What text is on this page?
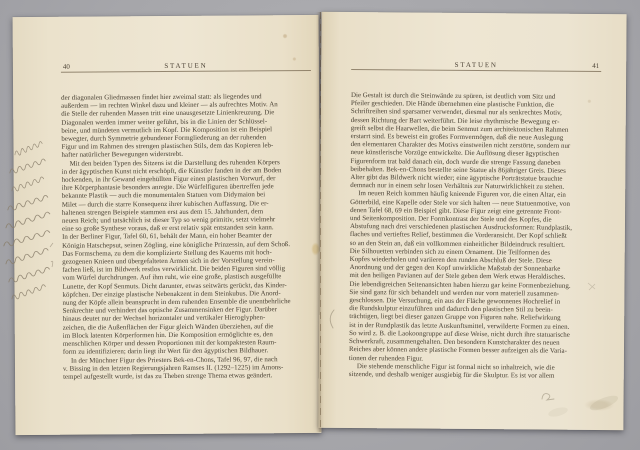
40	STATUEN

der diagonalen Gliedmassen findet hier zweimal statt: als liegendes und
außerdem — im rechten Winkel dazu und kleiner — als aufrechtes Motiv. An
die Stelle der ruhenden Massen tritt eine unausgesetzte Linienkreuzung. Die
Diagonalen werden immer weiter geführt, bis in die Linien der Schlüssel-
beine, und mündeten vermutlich im Kopf. Die Komposition ist ein Beispiel
bewegter, durch Symmetrie gebundener Formgliederung an der ruhenden
Figur und im Rahmen des strengen plastischen Stils, dem das Kopieren leb-
hafter natürlicher Bewegungen widerstrebt.

Mit den beiden Typen des Sitzens ist die Darstellung des ruhenden Körpers
in der ägyptischen Kunst nicht erschöpft, die Künstler fanden in der am Boden
hockenden, in ihr Gewand eingehüllten Figur einen plastischen Vorwurf, der
ihre Körperphantasie besonders anregte. Die Würfelfiguren übertreffen jede
bekannte Plastik — auch die monumentalen Statuen vom Didymaion bei
Milet — durch die starre Konsequenz ihrer kubischen Auffassung. Die er-
haltenen strengen Beispiele stammen erst aus dem 15. Jahrhundert, dem
neuen Reich; und tatsächlich ist dieser Typ so wenig primitiv, setzt vielmehr
eine so große Synthese voraus, daß er erst relativ spät entstanden sein kann.
In der Berliner Figur, Tafel 60, 61, behält der Mann, ein hoher Beamter der
Königin Hatschepsut, seinen Zögling, eine königliche Prinzessin, auf dem Schoß.
Das Formschema, zu dem die komplizierte Stellung des Kauerns mit hoch-
gezogenen Knieen und übergefalteten Armen sich in der Vorstellung verein-
fachen ließ, ist im Bildwerk restlos verwirklicht. Die beiden Figuren sind völlig
vom Würfel durchdrungen. Auf ihm ruht, wie eine große, plastisch ausgefüllte
Lunette, der Kopf Senmuts. Dicht darunter, etwas seitwärts gerückt, das Kinder-
köpfchen. Der einzige plastische Nebenakzent in dem Steinkubus. Die Anord-
nung der Köpfe allein beansprucht in dem ruhenden Ensemble die unentbehrliche
Senkrechte und verhindert das optische Zusammensinken der Figur. Darüber
hinaus deutet nur der Wechsel horizontaler und vertikaler Hieroglyphen-
zeichen, die die Außenflächen der Figur gleich Wänden überziehen, auf die
im Block latenten Körperformen hin. Die Komposition ermöglichte es, den
menschlichen Körper und dessen Proportionen mit der kompaktesten Raum-
form zu identifizieren; darin liegt ihr Wert für den ägyptischen Bildhauer.

In der Münchner Figur des Priesters Bek-en-Chons, Tafel 96, 97, die nach
v. Bissing in den letzten Regierungsjahren Ramses II. (1292–1225) im Amons-
tempel aufgestellt wurde, ist das zu Theben strenge Thema etwas geändert.

STATUEN	41

Die Gestalt ist durch die Steinwände zu spüren, ist deutlich vom Sitz und
Pfeiler geschieden. Die Hände übernehmen eine plastische Funktion, die
Schriftreihen sind sparsamer verwendet, diesmal nur als senkrechtes Motiv,
dessen Richtung der Bart weiterführt. Die leise rhythmische Bewegung er-
greift selbst die Haarwellen, die beim Senmut zum architektonischen Rahmen
erstarrt sind. Es beweist ein großes Formvermögen, daß die neue Auslegung
den elementaren Charakter des Motivs einstweilen nicht zerstörte, sondern nur
neue künstlerische Vorzüge entwickelte. Die Auflösung dieser ägyptischen
Figurenform trat bald danach ein, doch wurde die strenge Fassung daneben
beibehalten. Bek-en-Chons bestellte seine Statue als 86jähriger Greis. Dieses
Alter gibt das Bildwerk nicht wieder; eine ägyptische Porträtstatue brauchte
demnach nur in einem sehr losen Verhältnis zur Naturwirklichkeit zu stehen.

Im neuen Reich kommen häufig knieende Figuren vor, die einen Altar, ein
Götterbild, eine Kapelle oder Stele vor sich halten — neue Statuenmotive, von
denen Tafel 68, 69 ein Beispiel gibt. Diese Figur zeigt eine getrennte Front-
und Seitenkomposition. Der Formkontrast der Stele und des Kopfes, die
Abstufung nach drei verschiedenen plastischen Ausdrucksformen: Rundplastik,
flaches und vertieftes Relief, bestimmen die Vorderansicht. Der Kopf schließt
so an den Stein an, daß ein vollkommen einheitlicher Bildeindruck resultiert.
Die Silhouetten verbinden sich zu einem Ornament. Die Teilformen des
Kopfes wiederholen und variieren den runden Abschluß der Stele. Diese
Anordnung und der gegen den Kopf unwirkliche Maßstab der Sonnenbarke
mit den heiligen Pavianen auf der Stele geben dem Werk etwas Heraldisches.
Die lebendigreichen Seitenansichten haben hierzu gar keine Formenbeziehung.
Sie sind ganz für sich behandelt und werden nur vorn materiell zusammen-
geschlossen. Die Versuchung, ein aus der Fläche gewonnenes Hochrelief in
die Rundskulptur einzuführen und dadurch den plastischen Stil zu beein-
trächtigen, liegt bei dieser ganzen Gruppe von Figuren nahe. Reliefwirkung
ist in der Rundplastik das letzte Auskunftsmittel, verwilderte Formen zu einen.
So wird z. B. die Laokoongruppe auf diese Weise, nicht durch ihre statuarische
Schwerkraft, zusammengehalten. Den besondern Kunstcharakter des neuen
Reiches aber können andere plastische Formen besser aufzeigen als die Varia-
tionen der ruhenden Figur.

Die stehende menschliche Figur ist formal nicht so inhaltreich, wie die
sitzende, und deshalb weniger ausgiebig für die Skulptur. Es ist vor allem
